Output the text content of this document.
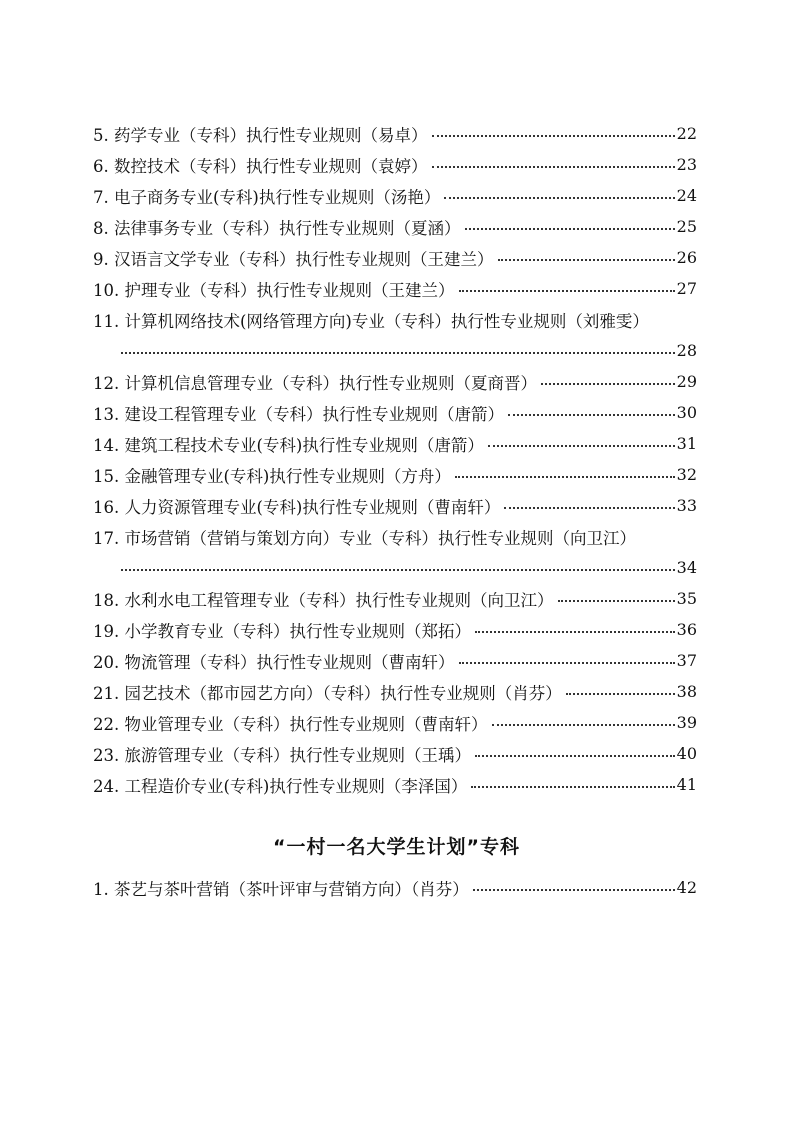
5. 药学专业（专科）执行性专业规则（易卓）	22
6. 数控技术（专科）执行性专业规则（袁婷）	23
7. 电子商务专业(专科)执行性专业规则（汤艳）	24
8. 法律事务专业（专科）执行性专业规则（夏涵）	25
9. 汉语言文学专业（专科）执行性专业规则（王建兰）	26
10. 护理专业（专科）执行性专业规则（王建兰）	27
11. 计算机网络技术(网络管理方向)专业（专科）执行性专业规则（刘雅雯）
28
12. 计算机信息管理专业（专科）执行性专业规则（夏商晋）	29
13. 建设工程管理专业（专科）执行性专业规则（唐箭）	30
14. 建筑工程技术专业(专科)执行性专业规则（唐箭）	31
15. 金融管理专业(专科)执行性专业规则（方舟）	32
16. 人力资源管理专业(专科)执行性专业规则（曹南轩）	33
17. 市场营销（营销与策划方向）专业（专科）执行性专业规则（向卫江）
34
18. 水利水电工程管理专业（专科）执行性专业规则（向卫江）	35
19. 小学教育专业（专科）执行性专业规则（郑拓）	36
20. 物流管理（专科）执行性专业规则（曹南轩）	37
21. 园艺技术（都市园艺方向）（专科）执行性专业规则（肖芬）	38
22. 物业管理专业（专科）执行性专业规则（曹南轩）	39
23. 旅游管理专业（专科）执行性专业规则（王瑀）	40
24. 工程造价专业(专科)执行性专业规则（李泽国）	41
“一村一名大学生计划”专科
1. 茶艺与茶叶营销（茶叶评审与营销方向）（肖芬）	42
